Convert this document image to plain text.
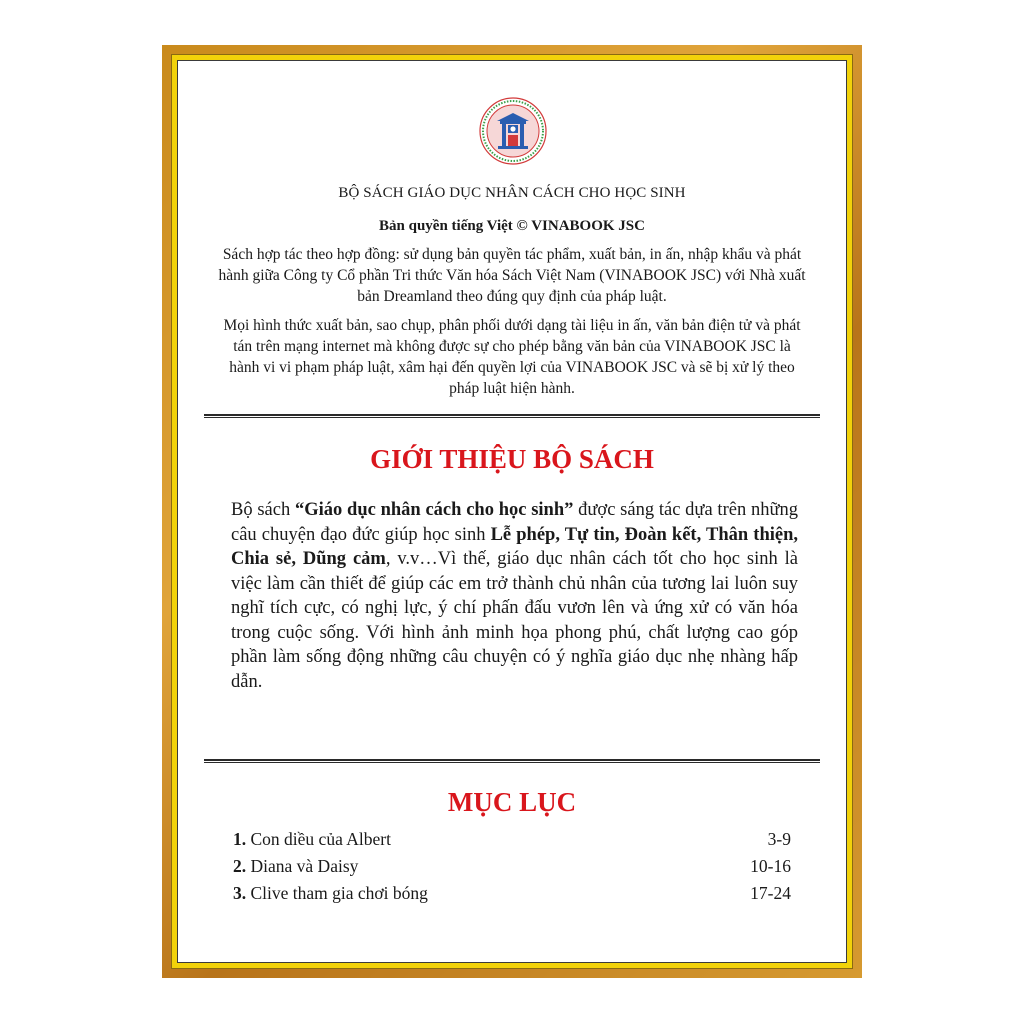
BỘ SÁCH GIÁO DỤC NHÂN CÁCH CHO HỌC SINH
Bản quyền tiếng Việt © VINABOOK JSC
Sách hợp tác theo hợp đồng: sử dụng bản quyền tác phẩm, xuất bản, in ấn, nhập khẩu và phát hành giữa Công ty Cổ phần Tri thức Văn hóa Sách Việt Nam (VINABOOK JSC) với Nhà xuất bản Dreamland theo đúng quy định của pháp luật.
Mọi hình thức xuất bản, sao chụp, phân phối dưới dạng tài liệu in ấn, văn bản điện tử và phát tán trên mạng internet mà không được sự cho phép bằng văn bản của VINABOOK JSC là hành vi vi phạm pháp luật, xâm hại đến quyền lợi của VINABOOK JSC và sẽ bị xử lý theo pháp luật hiện hành.
GIỚI THIỆU BỘ SÁCH
Bộ sách “Giáo dục nhân cách cho học sinh” được sáng tác dựa trên những câu chuyện đạo đức giúp học sinh Lễ phép, Tự tin, Đoàn kết, Thân thiện, Chia sẻ, Dũng cảm, v.v…Vì thế, giáo dục nhân cách tốt cho học sinh là việc làm cần thiết để giúp các em trở thành chủ nhân của tương lai luôn suy nghĩ tích cực, có nghị lực, ý chí phấn đấu vươn lên và ứng xử có văn hóa trong cuộc sống. Với hình ảnh minh họa phong phú, chất lượng cao góp phần làm sống động những câu chuyện có ý nghĩa giáo dục nhẹ nhàng hấp dẫn.
MỤC LỤC
1. Con diều của Albert	3-9
2. Diana và Daisy	10-16
3. Clive tham gia chơi bóng	17-24
